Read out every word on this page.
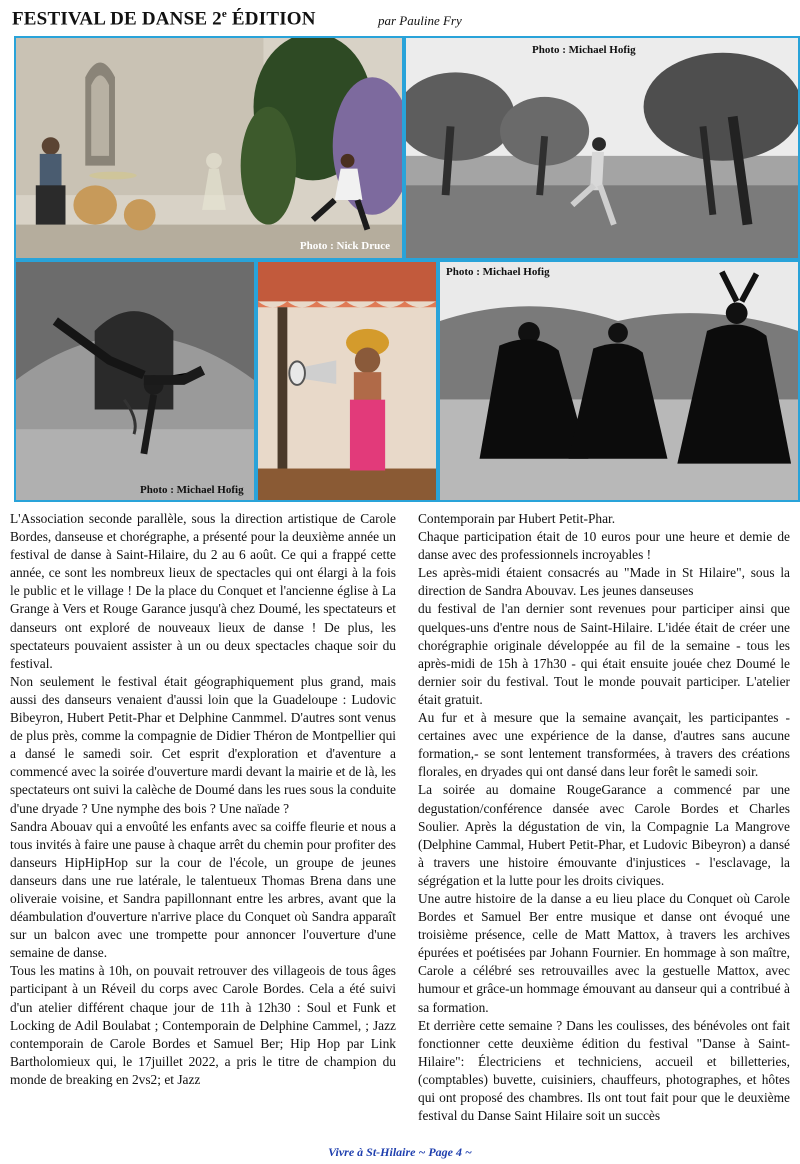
FESTIVAL DE DANSE 2e ÉDITION	par Pauline Fry
Photo : Nick Druce
Photo : Michael Hofig
Photo : Michael Hofig
Photo : Michael Hofig

L'Association seconde parallèle, sous la direction artistique de Carole Bordes, danseuse et chorégraphe, a présenté pour la deuxième année un festival de danse à Saint-Hilaire, du 2 au 6 août. Ce qui a frappé cette année, ce sont les nombreux lieux de spectacles qui ont élargi à la fois le public et le village ! De la place du Conquet et l'ancienne église à La Grange à Vers et Rouge Garance jusqu'à chez Doumé, les spectateurs et danseurs ont exploré de nouveaux lieux de danse ! De plus, les spectateurs pouvaient assister à un ou deux spectacles chaque soir du festival.

Non seulement le festival était géographiquement plus grand, mais aussi des danseurs venaient d'aussi loin que la Guadeloupe : Ludovic Bibeyron, Hubert Petit-Phar et Delphine Canmmel. D'autres sont venus de plus près, comme la compagnie de Didier Théron de Montpellier qui a dansé le samedi soir. Cet esprit d'exploration et d'aventure a commencé avec la soirée d'ouverture mardi devant la mairie et de là, les spectateurs ont suivi la calèche de Doumé dans les rues sous la conduite d'une dryade ? Une nymphe des bois ? Une naïade ?

Sandra Abouav qui a envoûté les enfants avec sa coiffe fleurie et nous a tous invités à faire une pause à chaque arrêt du chemin pour profiter des danseurs HipHipHop sur la cour de l'école, un groupe de jeunes danseurs dans une rue latérale, le talentueux Thomas Brena dans une oliveraie voisine, et Sandra papillonnant entre les arbres, avant que la déambulation d'ouverture n'arrive place du Conquet où Sandra apparaît sur un balcon avec une trompette pour annoncer l'ouverture d'une semaine de danse.

Tous les matins à 10h, on pouvait retrouver des villageois de tous âges participant à un Réveil du corps avec Carole Bordes. Cela a été suivi d'un atelier différent chaque jour de 11h à 12h30 : Soul et Funk et Locking de Adil Boulabat ; Contemporain de Delphine Cammel, ; Jazz contemporain de Carole Bordes et Samuel Ber; Hip Hop par Link Bartholomieux qui, le 17juillet 2022, a pris le titre de champion du monde de breaking en 2vs2; et Jazz

Contemporain par Hubert Petit-Phar.

Chaque participation était de 10 euros pour une heure et demie de danse avec des professionnels incroyables !

Les après-midi étaient consacrés au "Made in St Hilaire", sous la direction de Sandra Abouvav. Les jeunes danseuses

du festival de l'an dernier sont revenues pour participer ainsi que quelques-uns d'entre nous de Saint-Hilaire. L'idée était de créer une chorégraphie originale développée au fil de la semaine - tous les après-midi de 15h à 17h30 - qui était ensuite jouée chez Doumé le dernier soir du festival. Tout le monde pouvait participer. L'atelier était gratuit.

Au fur et à mesure que la semaine avançait, les participantes - certaines avec une expérience de la danse, d'autres sans aucune formation,- se sont lentement transformées, à travers des créations florales, en dryades qui ont dansé dans leur forêt le samedi soir.

La soirée au domaine RougeGarance a commencé par une degustation/conférence dansée avec Carole Bordes et Charles Soulier. Après la dégustation de vin, la Compagnie La Mangrove (Delphine Cammal, Hubert Petit-Phar, et Ludovic Bibeyron) a dansé à travers une histoire émouvante d'injustices - l'esclavage, la ségrégation et la lutte pour les droits civiques.

Une autre histoire de la danse a eu lieu place du Conquet où Carole Bordes et Samuel Ber entre musique et danse ont évoqué une troisième présence, celle de Matt Mattox, à travers les archives épurées et poétisées par Johann Fournier. En hommage à son maître, Carole a célébré ses retrouvailles avec la gestuelle Mattox, avec humour et grâce-un hommage émouvant au danseur qui a contribué à sa formation.

Et derrière cette semaine ? Dans les coulisses, des bénévoles ont fait fonctionner cette deuxième édition du festival "Danse à Saint-Hilaire": Électriciens et techniciens, accueil et billetteries, (comptables) buvette, cuisiniers, chauffeurs, photographes, et hôtes qui ont proposé des chambres. Ils ont tout fait pour que le deuxième festival du Danse Saint Hilaire soit un succès

Vivre à St-Hilaire ~ Page 4 ~
